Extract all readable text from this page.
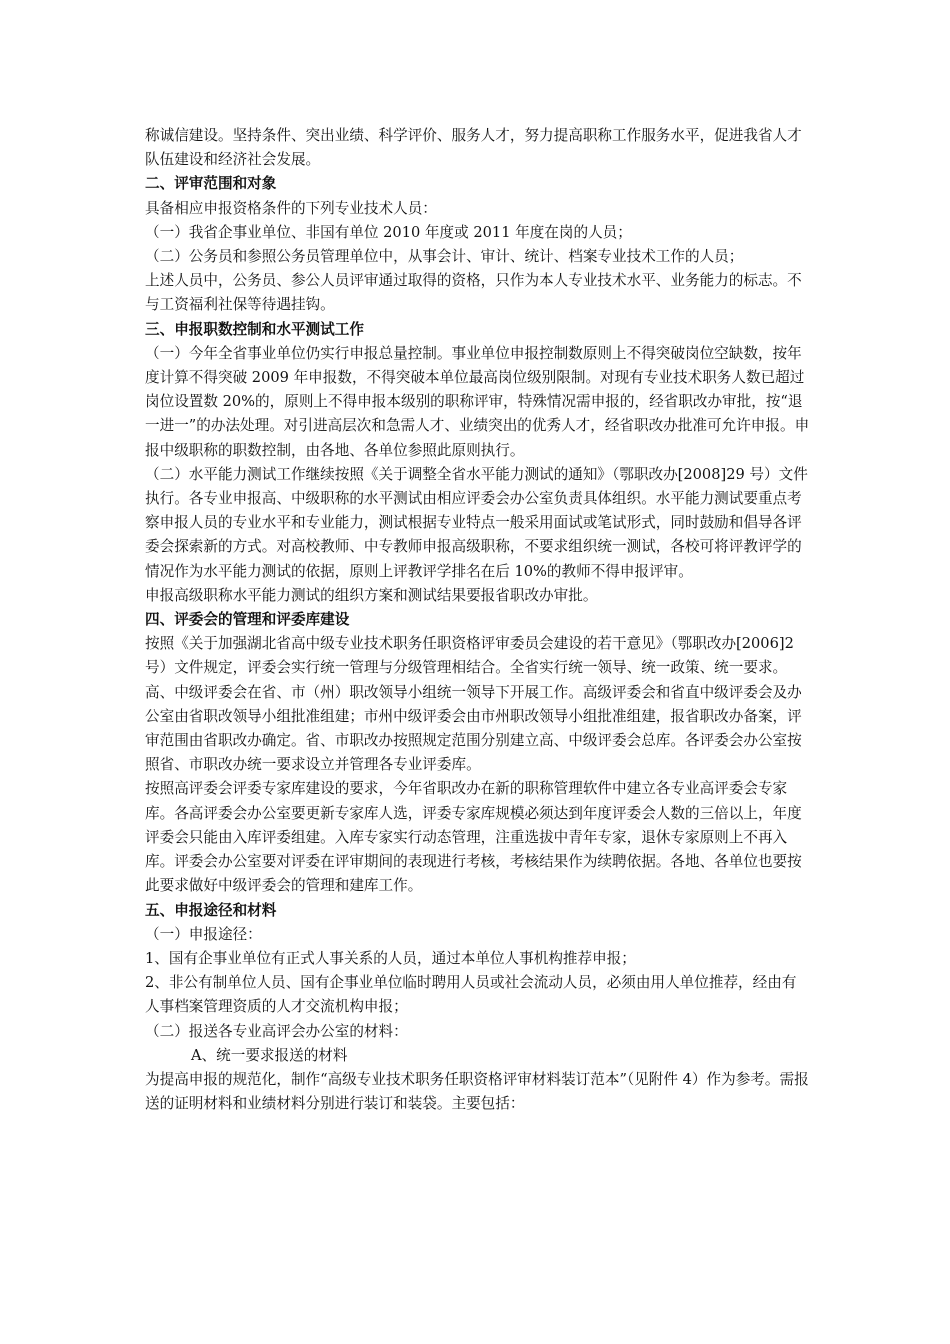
称诚信建设。坚持条件、突出业绩、科学评价、服务人才，努力提高职称工作服务水平，促进我省人才队伍建设和经济社会发展。

二、评审范围和对象

具备相应申报资格条件的下列专业技术人员：

（一）我省企事业单位、非国有单位 2010 年度或 2011 年度在岗的人员；

（二）公务员和参照公务员管理单位中，从事会计、审计、统计、档案专业技术工作的人员；

上述人员中，公务员、参公人员评审通过取得的资格，只作为本人专业技术水平、业务能力的标志。不与工资福利社保等待遇挂钩。

三、申报职数控制和水平测试工作

（一）今年全省事业单位仍实行申报总量控制。事业单位申报控制数原则上不得突破岗位空缺数，按年度计算不得突破 2009 年申报数，不得突破本单位最高岗位级别限制。对现有专业技术职务人数已超过岗位设置数 20%的，原则上不得申报本级别的职称评审，特殊情况需申报的，经省职改办审批，按“退一进一”的办法处理。对引进高层次和急需人才、业绩突出的优秀人才，经省职改办批准可允许申报。申报中级职称的职数控制，由各地、各单位参照此原则执行。

（二）水平能力测试工作继续按照《关于调整全省水平能力测试的通知》（鄂职改办[2008]29 号）文件执行。各专业申报高、中级职称的水平测试由相应评委会办公室负责具体组织。水平能力测试要重点考察申报人员的专业水平和专业能力，测试根据专业特点一般采用面试或笔试形式，同时鼓励和倡导各评委会探索新的方式。对高校教师、中专教师申报高级职称，不要求组织统一测试，各校可将评教评学的情况作为水平能力测试的依据，原则上评教评学排名在后 10%的教师不得申报评审。

申报高级职称水平能力测试的组织方案和测试结果要报省职改办审批。

四、评委会的管理和评委库建设

按照《关于加强湖北省高中级专业技术职务任职资格评审委员会建设的若干意见》（鄂职改办[2006]2 号）文件规定，评委会实行统一管理与分级管理相结合。全省实行统一领导、统一政策、统一要求。高、中级评委会在省、市（州）职改领导小组统一领导下开展工作。高级评委会和省直中级评委会及办公室由省职改领导小组批准组建；市州中级评委会由市州职改领导小组批准组建，报省职改办备案，评审范围由省职改办确定。省、市职改办按照规定范围分别建立高、中级评委会总库。各评委会办公室按照省、市职改办统一要求设立并管理各专业评委库。

按照高评委会评委专家库建设的要求，今年省职改办在新的职称管理软件中建立各专业高评委会专家库。各高评委会办公室要更新专家库人选，评委专家库规模必须达到年度评委会人数的三倍以上，年度评委会只能由入库评委组建。入库专家实行动态管理，注重选拔中青年专家，退休专家原则上不再入库。评委会办公室要对评委在评审期间的表现进行考核，考核结果作为续聘依据。各地、各单位也要按此要求做好中级评委会的管理和建库工作。

五、申报途径和材料

（一）申报途径：

1、国有企事业单位有正式人事关系的人员，通过本单位人事机构推荐申报；

2、非公有制单位人员、国有企事业单位临时聘用人员或社会流动人员，必须由用人单位推荐，经由有人事档案管理资质的人才交流机构申报；

（二）报送各专业高评会办公室的材料：

A、统一要求报送的材料

为提高申报的规范化，制作“高级专业技术职务任职资格评审材料装订范本”（见附件 4）作为参考。需报送的证明材料和业绩材料分别进行装订和装袋。主要包括：
